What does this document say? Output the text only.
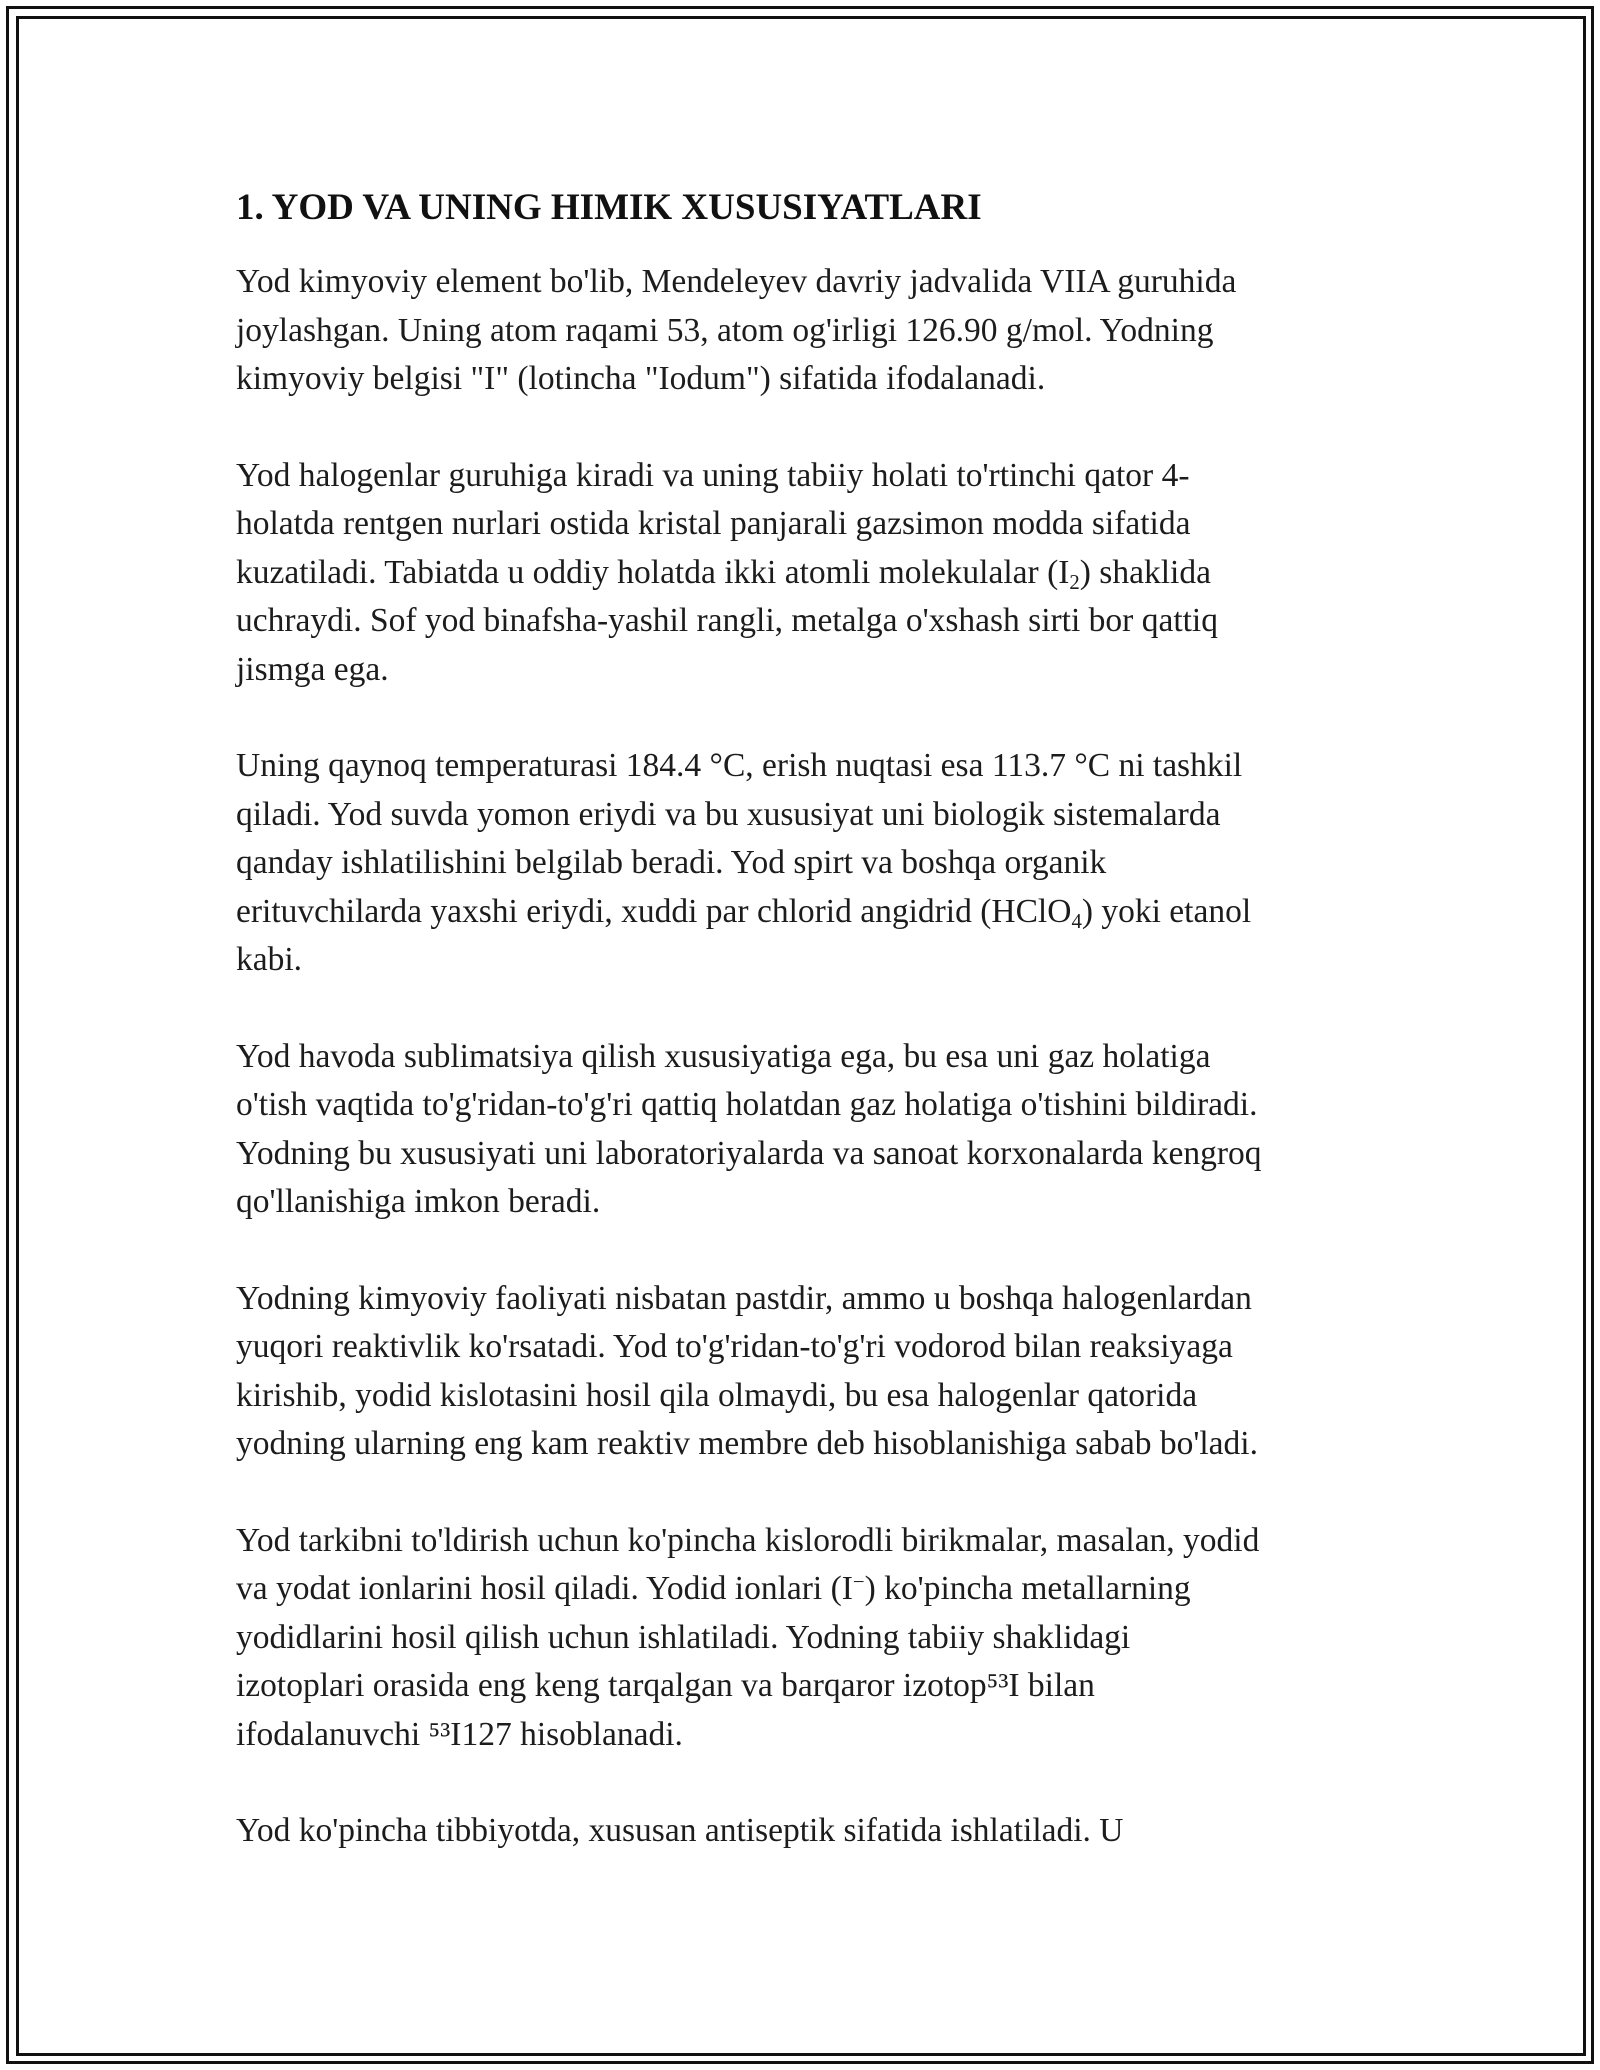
1. YOD VA UNING HIMIK XUSUSIYATLARI

Yod kimyoviy element bo'lib, Mendeleyev davriy jadvalida VIIA guruhida
joylashgan. Uning atom raqami 53, atom og'irligi 126.90 g/mol. Yodning
kimyoviy belgisi "I" (lotincha "Iodum") sifatida ifodalanadi.

Yod halogenlar guruhiga kiradi va uning tabiiy holati to'rtinchi qator 4-
holatda rentgen nurlari ostida kristal panjarali gazsimon modda sifatida
kuzatiladi. Tabiatda u oddiy holatda ikki atomli molekulalar $(I_2)$ shaklida
uchraydi. Sof yod binafsha-yashil rangli, metalga o'xshash sirti bor qattiq
jismga ega.

Uning qaynoq temperaturasi 184.4 °C, erish nuqtasi esa 113.7 °C ni tashkil
qiladi. Yod suvda yomon eriydi va bu xususiyat uni biologik sistemalarda
qanday ishlatilishini belgilab beradi. Yod spirt va boshqa organik
erituvchilarda yaxshi eriydi, xuddi par chlorid angidrid (HClO$_4$) yoki etanol
kabi.

Yod havoda sublimatsiya qilish xususiyatiga ega, bu esa uni gaz holatiga
o'tish vaqtida to'g'ridan-to'g'ri qattiq holatdan gaz holatiga o'tishini bildiradi.
Yodning bu xususiyati uni laboratoriyalarda va sanoat korxonalarda kengroq
qo'llanishiga imkon beradi.

Yodning kimyoviy faoliyati nisbatan pastdir, ammo u boshqa halogenlardan
yuqori reaktivlik ko'rsatadi. Yod to'g'ridan-to'g'ri vodorod bilan reaksiyaga
kirishib, yodid kislotasini hosil qila olmaydi, bu esa halogenlar qatorida
yodning ularning eng kam reaktiv membre deb hisoblanishiga sabab bo'ladi.

Yod tarkibni to'ldirish uchun ko'pincha kislorodli birikmalar, masalan, yodid
va yodat ionlarini hosil qiladi. Yodid ionlari (I−) ko'pincha metallarning
yodidlarini hosil qilish uchun ishlatiladi. Yodning tabiiy shaklidagi
izotoplari orasida eng keng tarqalgan va barqaror izotop⁵³I bilan
ifodalanuvchi ⁵³I127 hisoblanadi.

Yod ko'pincha tibbiyotda, xususan antiseptik sifatida ishlatiladi. U
